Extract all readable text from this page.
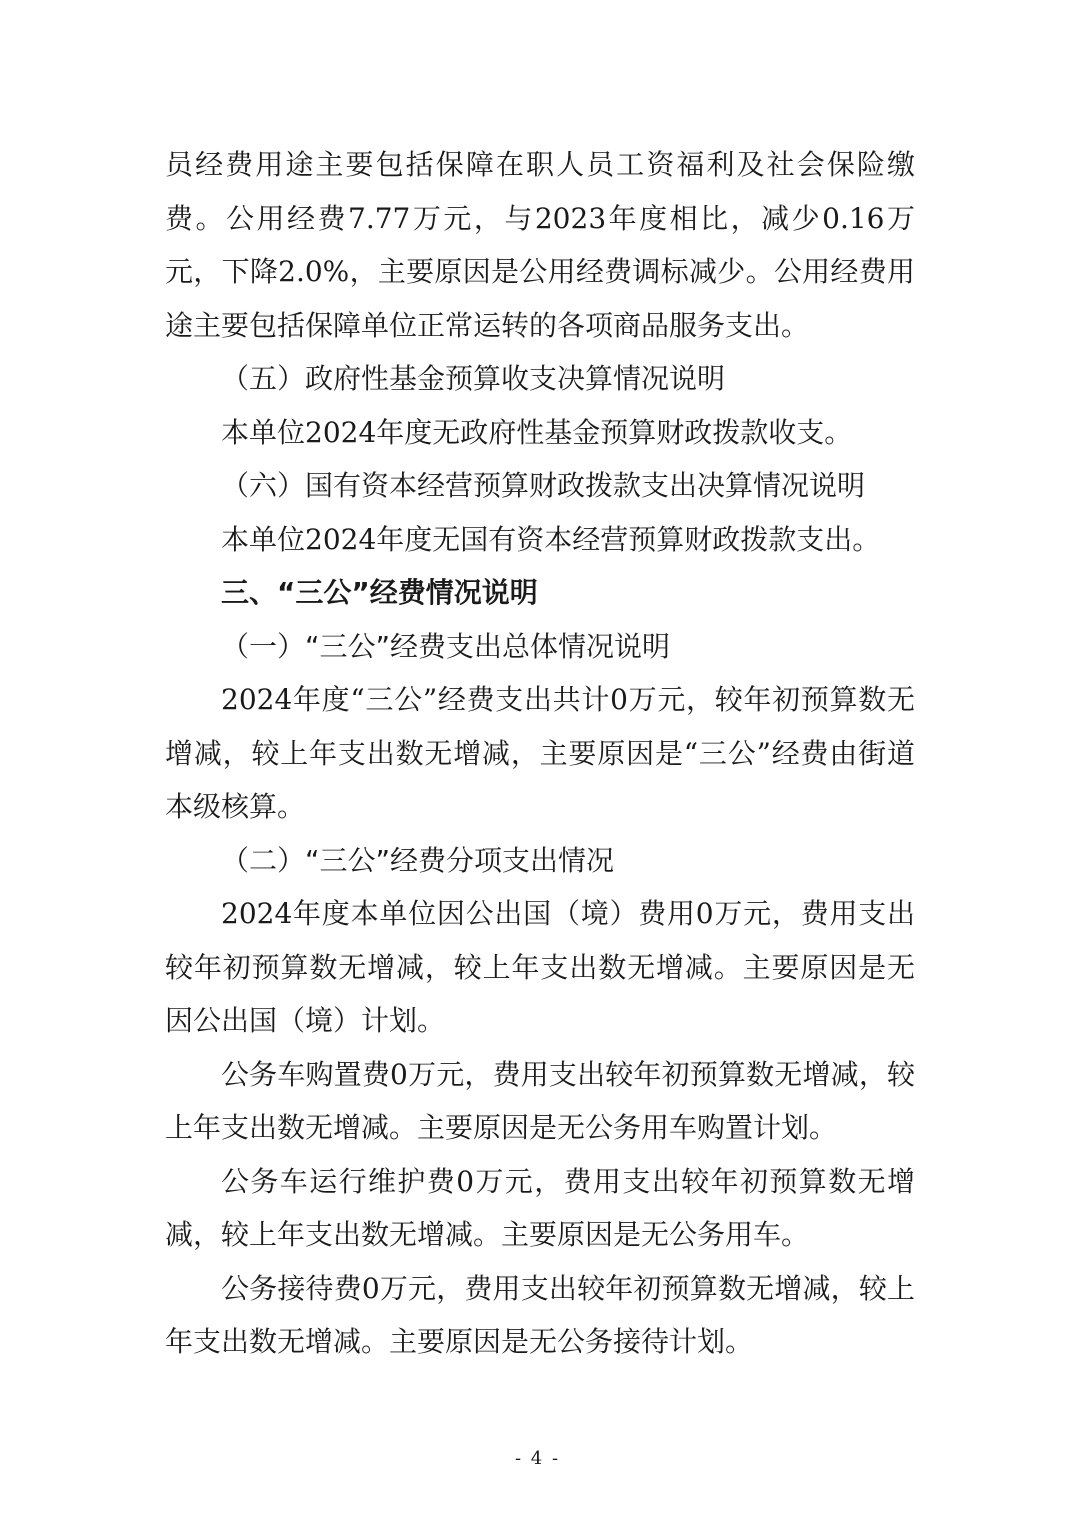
员经费用途主要包括保障在职人员工资福利及社会保险缴费。公用经费7.77万元，与2023年度相比，减少0.16万元，下降2.0%，主要原因是公用经费调标减少。公用经费用途主要包括保障单位正常运转的各项商品服务支出。

（五）政府性基金预算收支决算情况说明

本单位2024年度无政府性基金预算财政拨款收支。

（六）国有资本经营预算财政拨款支出决算情况说明

本单位2024年度无国有资本经营预算财政拨款支出。

三、“三公”经费情况说明

（一）“三公”经费支出总体情况说明

2024年度“三公”经费支出共计0万元，较年初预算数无增减，较上年支出数无增减，主要原因是“三公”经费由街道本级核算。

（二）“三公”经费分项支出情况

2024年度本单位因公出国（境）费用0万元，费用支出较年初预算数无增减，较上年支出数无增减。主要原因是无因公出国（境）计划。

公务车购置费0万元，费用支出较年初预算数无增减，较上年支出数无增减。主要原因是无公务用车购置计划。

公务车运行维护费0万元，费用支出较年初预算数无增减，较上年支出数无增减。主要原因是无公务用车。

公务接待费0万元，费用支出较年初预算数无增减，较上年支出数无增减。主要原因是无公务接待计划。

- 4 -
